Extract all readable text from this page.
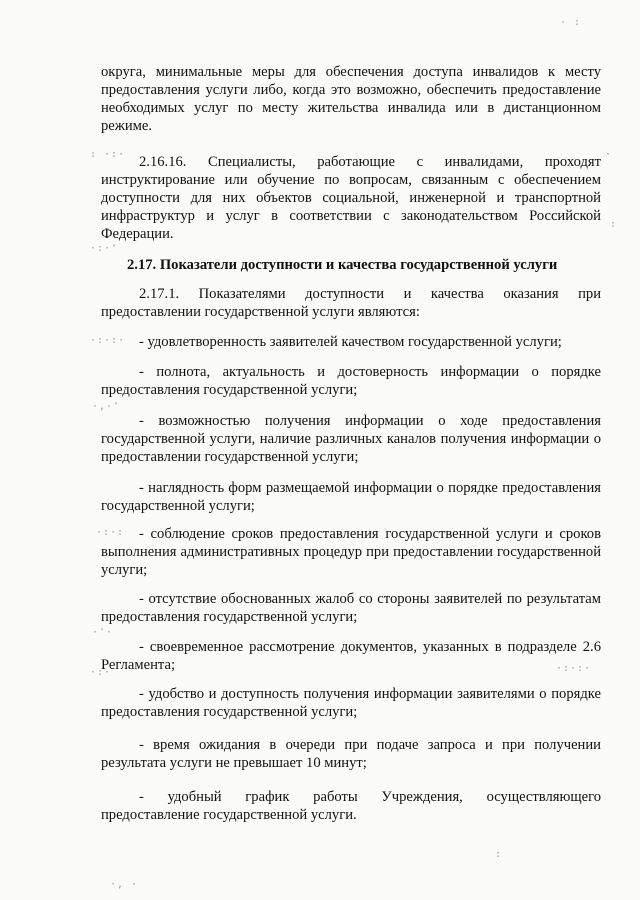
округа, минимальные меры для обеспечения доступа инвалидов к месту предоставления услуги либо, когда это возможно, обеспечить предоставление необходимых услуг по месту жительства инвалида или в дистанционном режиме.
2.16.16. Специалисты, работающие с инвалидами, проходят инструктирование или обучение по вопросам, связанным с обеспечением доступности для них объектов социальной, инженерной и транспортной инфраструктур и услуг в соответствии с законодательством Российской Федерации.
2.17. Показатели доступности и качества государственной услуги
2.17.1. Показателями доступности и качества оказания при предоставлении государственной услуги являются:
- удовлетворенность заявителей качеством государственной услуги;
- полнота, актуальность и достоверность информации о порядке предоставления государственной услуги;
- возможностью получения информации о ходе предоставления государственной услуги, наличие различных каналов получения информации о предоставлении государственной услуги;
- наглядность форм размещаемой информации о порядке предоставления государственной услуги;
- соблюдение сроков предоставления государственной услуги и сроков выполнения административных процедур при предоставлении государственной услуги;
- отсутствие обоснованных жалоб со стороны заявителей по результатам предоставления государственной услуги;
- своевременное рассмотрение документов, указанных в подразделе 2.6 Регламента;
- удобство и доступность получения информации заявителями о порядке предоставления государственной услуги;
- время ожидания в очереди при подаче запроса и при получении результата услуги не превышает 10 минут;
- удобный график работы Учреждения, осуществляющего предоставление государственной услуги.
: ·:·
·:·'
·:·:·
·,·'
·:·:
·'·
·:·	·:·:·
· :
·
:
:
·, ·
